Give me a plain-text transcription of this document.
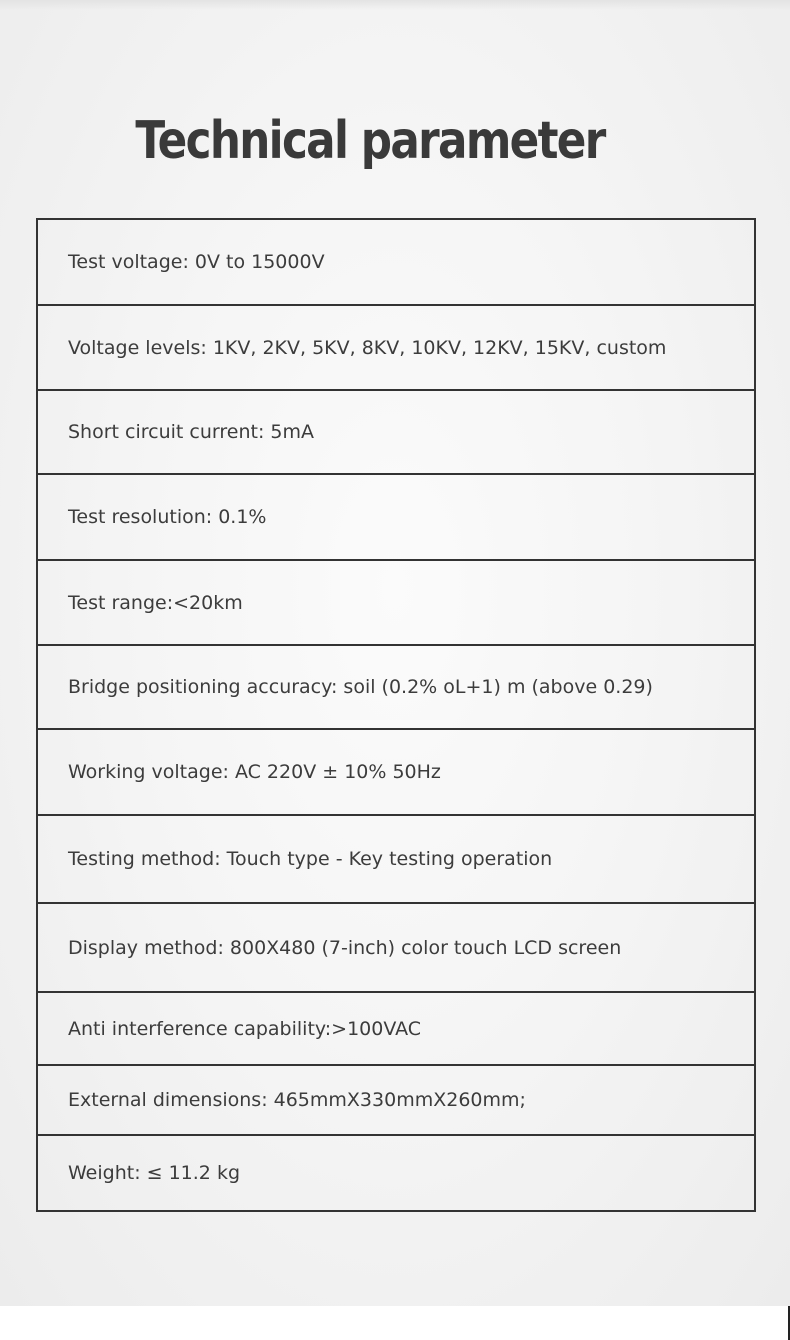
Technical parameter
Test voltage: 0V to 15000V
Voltage levels: 1KV, 2KV, 5KV, 8KV, 10KV, 12KV, 15KV, custom
Short circuit current: 5mA
Test resolution: 0.1%
Test range:<20km
Bridge positioning accuracy: soil (0.2% oL+1) m (above 0.29)
Working voltage: AC 220V ± 10% 50Hz
Testing method: Touch type - Key testing operation
Display method: 800X480 (7-inch) color touch LCD screen
Anti interference capability:>100VAC
External dimensions: 465mmX330mmX260mm;
Weight: ≤ 11.2 kg
